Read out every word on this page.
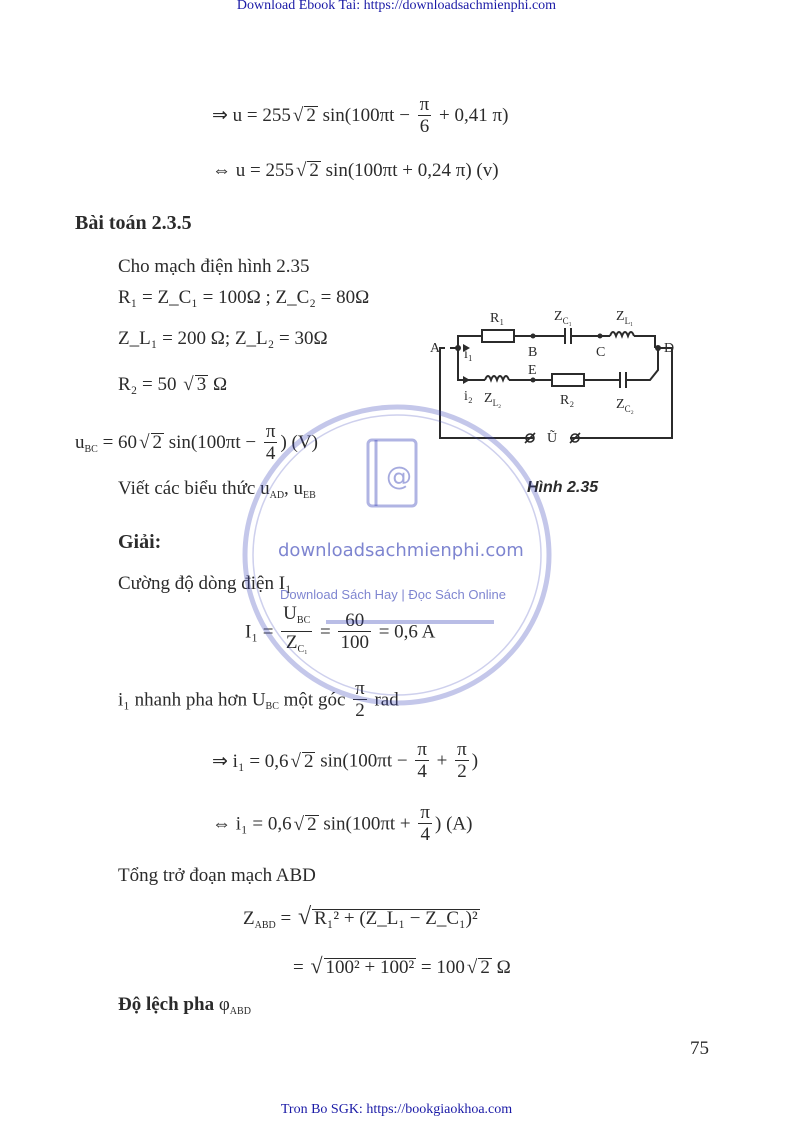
Download Ebook Tai: https://downloadsachmienphi.com
Tron Bo SGK: https://bookgiaokhoa.com
⇒ u = 255 √ 2 $\sin(100\pi t - \frac{\pi}{6} + 0,41$ π)
⇔ u = 255 √ 2 sin(100πt + 0,24 π) (v)
Bài toán 2.3.5
Cho mạch điện hình 2.35
R₁ = Z_C₁ = 100Ω ; Z_C₂ = 80Ω
Z_L₁ = 200 Ω; Z_L₂ = 30Ω
R₂ = 50 √ 3 Ω
$u_{BC} = 60$ √ 2 $\sin(100\pi t - \frac{\pi}{4}$ ) (V)
Viết các biểu thức $u_{AD}$, $u_{EB}$
R₁	$Z_{C_1}$	$Z_{L_1}$
A	B	C	D
E
i₁
i₂ $Z_{L_2}$	R₂	$Z_{C_2}$
Ũ
Hình 2.35
Giải:
Cường độ dòng điện I₁
$I_1 = \frac{U_{BC}}{Z_{C_1}} = \frac{60}{100} = 0,6$ A
i₁ nhanh pha hơn $U_{BC}$ một góc $\frac{\pi}{2}$ rad
⇒ i₁ = 0,6 √ 2 $\sin(100\pi t - \frac{\pi}{4} + \frac{\pi}{2}$ )
⇔ i₁ = 0,6 √ 2 $\sin(100\pi t + \frac{\pi}{4}$ ) (A)
Tổng trở đoạn mạch ABD
$Z_{ABD}$ = √ R₁² + (Z_L₁ − Z_C₁)²
= √ 100² + 100² = 100 √ 2 Ω
Độ lệch pha $\varphi_{ABD}$
75
@
downloadsachmienphi.com
Download Sách Hay | Đọc Sách Online
